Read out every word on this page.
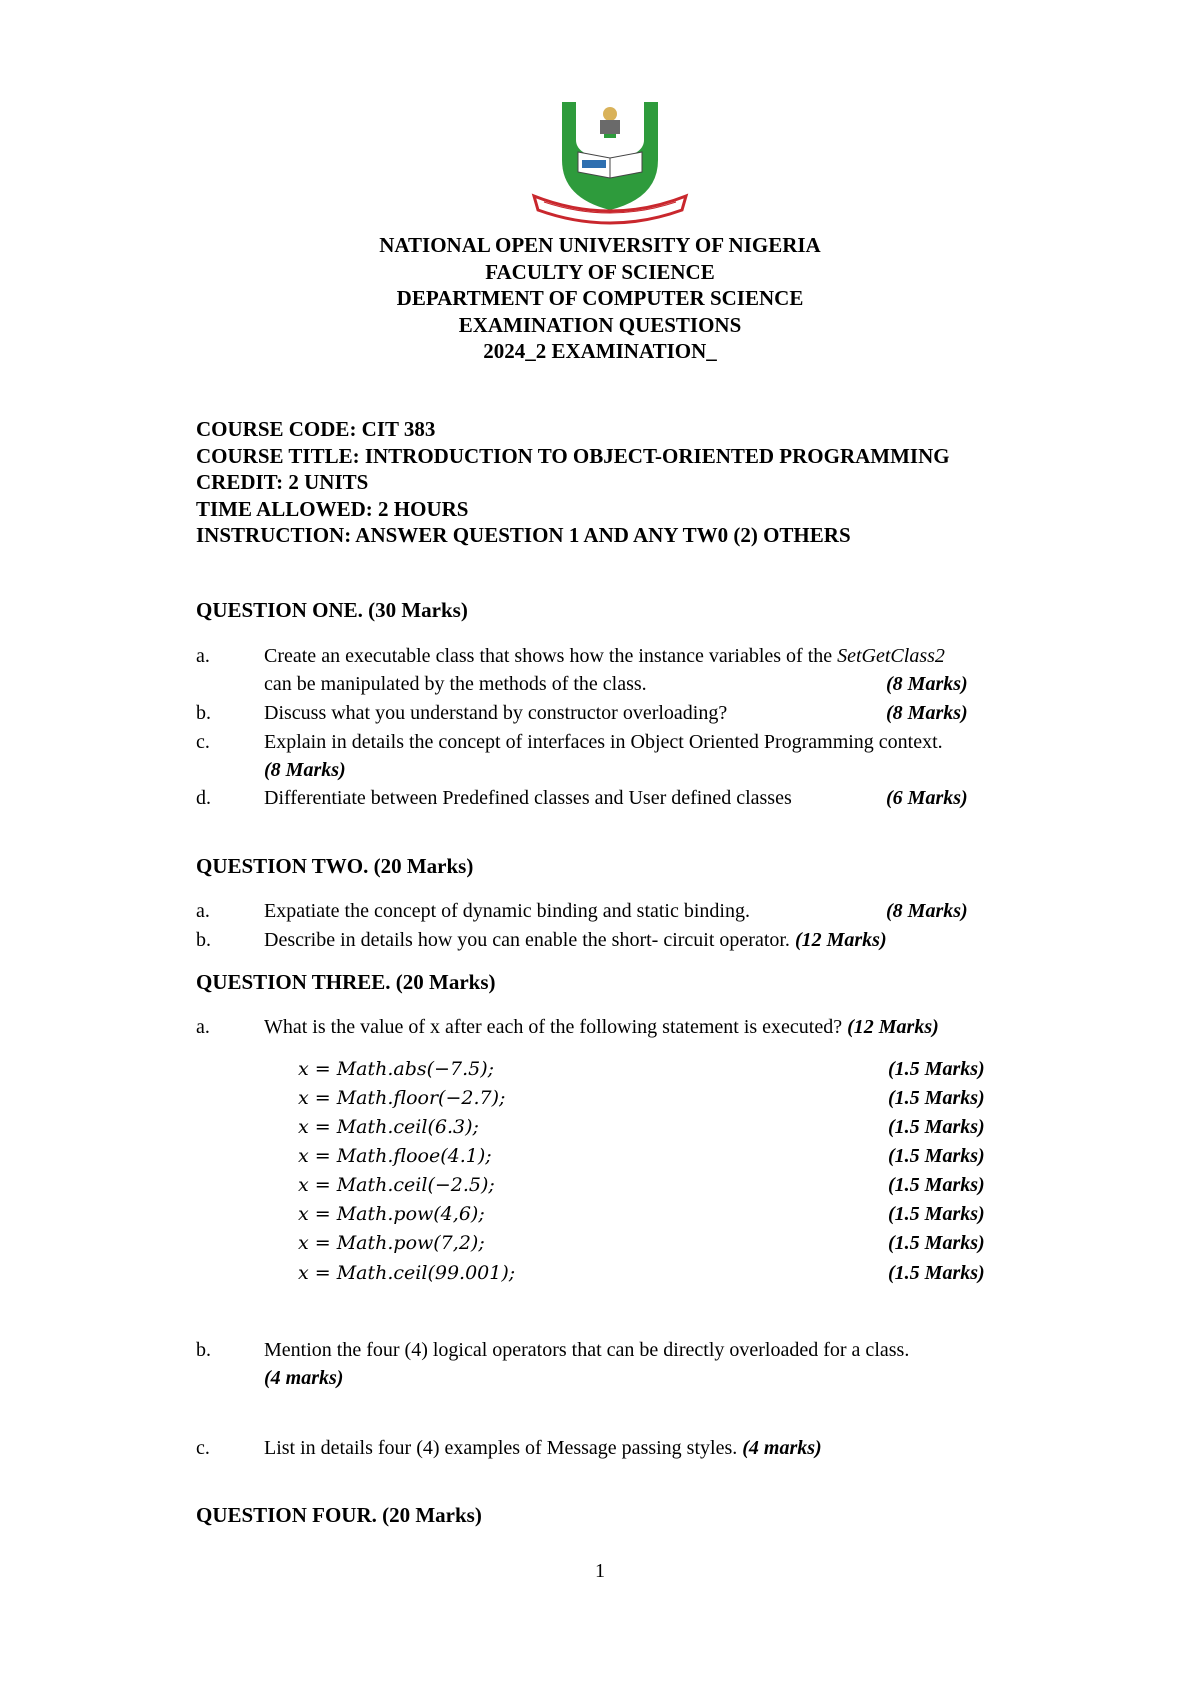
NATIONAL OPEN UNIVERSITY OF NIGERIA
FACULTY OF SCIENCE
DEPARTMENT OF COMPUTER SCIENCE
EXAMINATION QUESTIONS
2024_2 EXAMINATION_
COURSE CODE: CIT 383
COURSE TITLE: INTRODUCTION TO OBJECT-ORIENTED PROGRAMMING
CREDIT: 2 UNITS
TIME ALLOWED: 2 HOURS
INSTRUCTION: ANSWER QUESTION 1 AND ANY TW0 (2) OTHERS
QUESTION ONE. (30 Marks)
a.	Create an executable class that shows how the instance variables of the SetGetClass2
can be manipulated by the methods of the class.	(8 Marks)
b.	Discuss what you understand by constructor overloading?	(8 Marks)
c.	Explain in details the concept of interfaces in Object Oriented Programming context.
(8 Marks)
d.	Differentiate between Predefined classes and User defined classes	(6 Marks)
QUESTION TWO. (20 Marks)
a.	Expatiate the concept of dynamic binding and static binding.	(8 Marks)
b.	Describe in details how you can enable the short- circuit operator. (12 Marks)
QUESTION THREE. (20 Marks)
a.	What is the value of x after each of the following statement is executed? (12 Marks)
x = Math.abs(−7.5);	(1.5 Marks)
x = Math.floor(−2.7);	(1.5 Marks)
x = Math.ceil(6.3);	(1.5 Marks)
x = Math.flooe(4.1);	(1.5 Marks)
x = Math.ceil(−2.5);	(1.5 Marks)
x = Math.pow(4,6);	(1.5 Marks)
x = Math.pow(7,2);	(1.5 Marks)
x = Math.ceil(99.001);	(1.5 Marks)
b.	Mention the four (4) logical operators that can be directly overloaded for a class.
(4 marks)
c.	List in details four (4) examples of Message passing styles. (4 marks)
QUESTION FOUR. (20 Marks)
1
